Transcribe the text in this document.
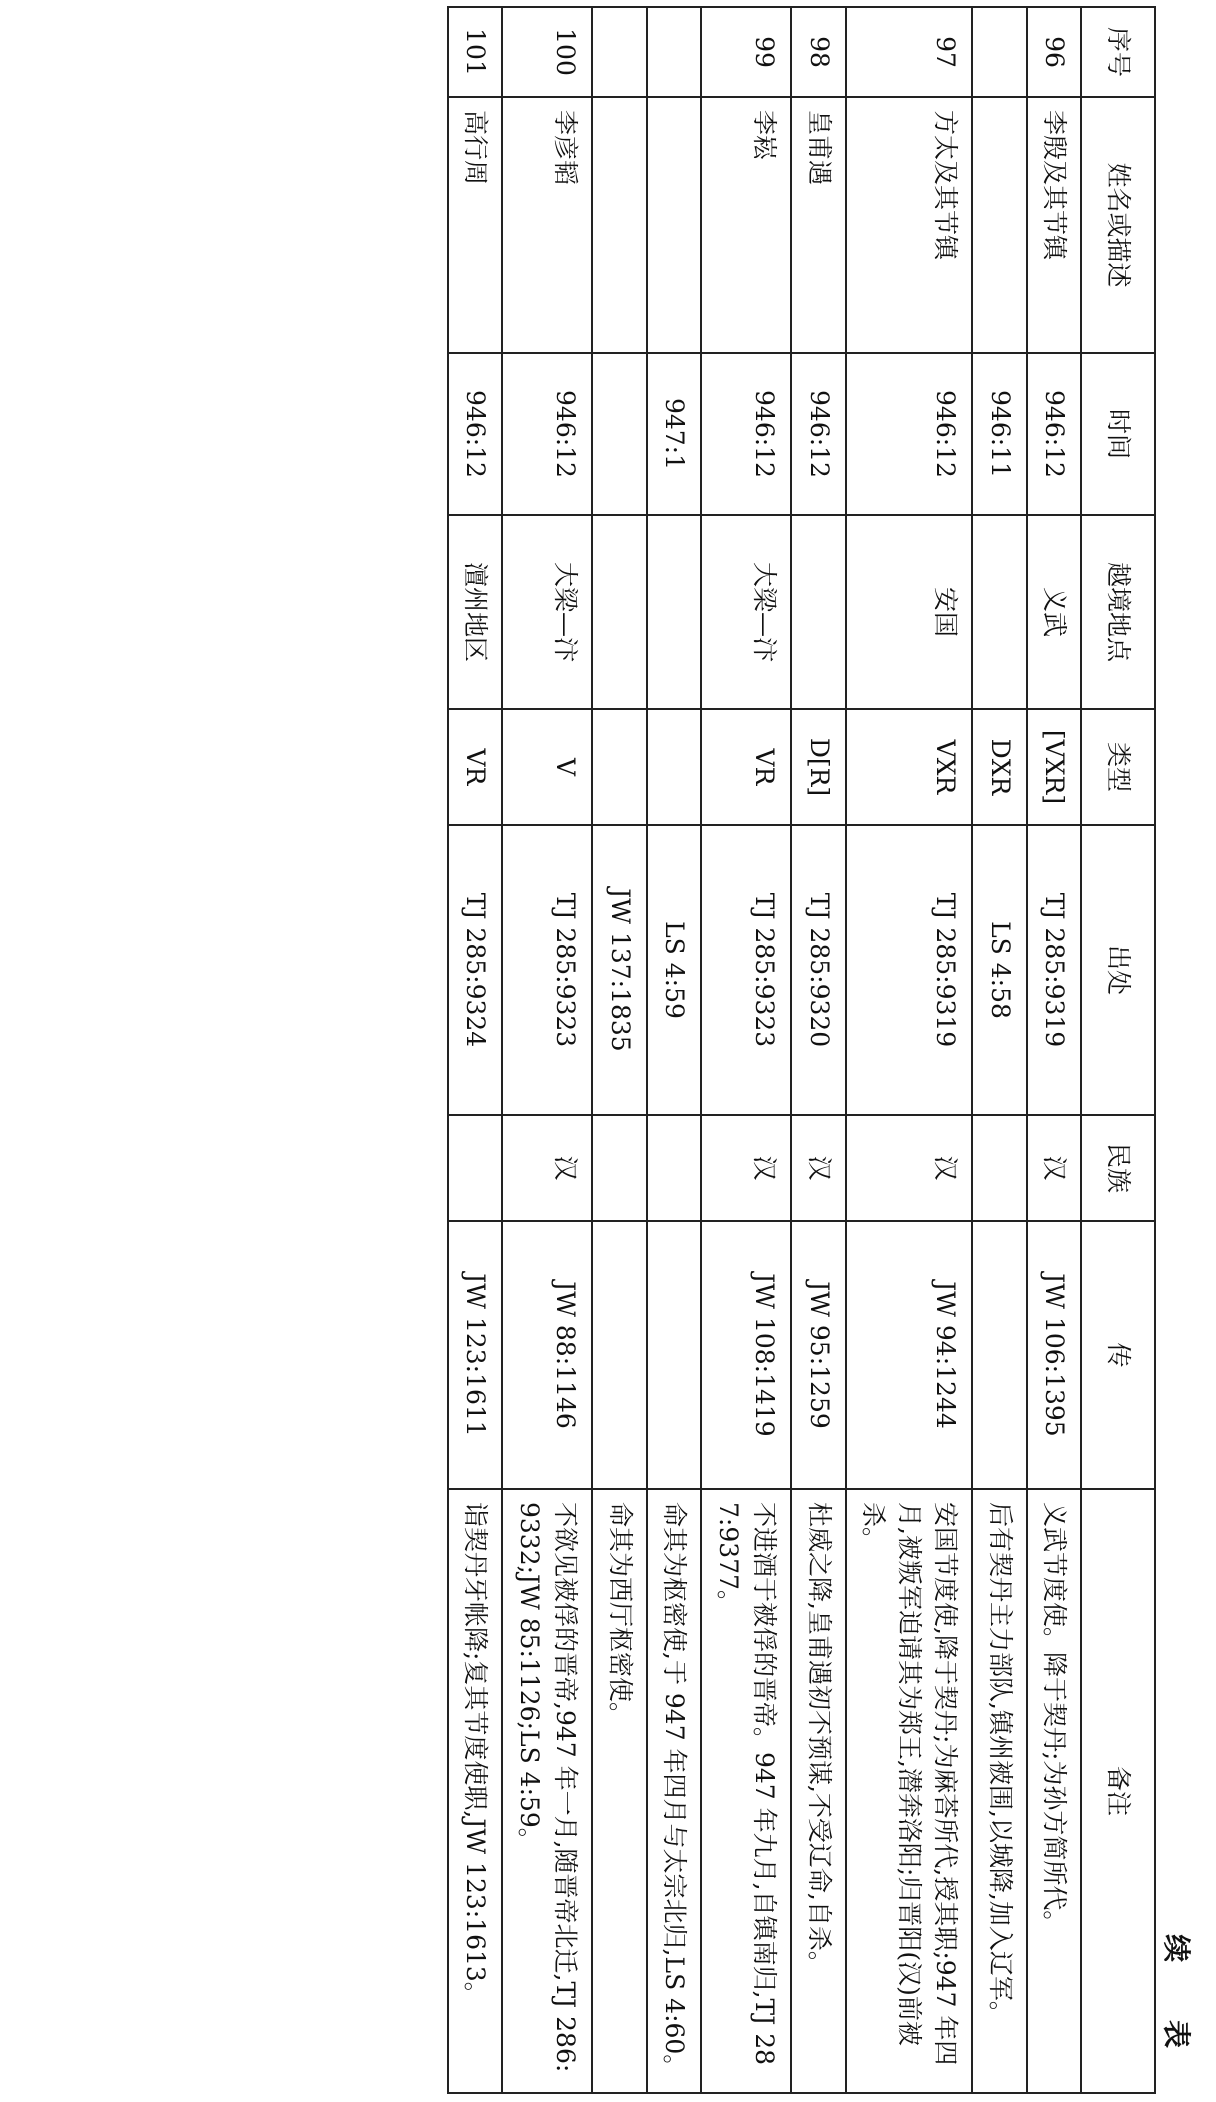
续 表
序号	姓名或描述	时间	越境地点	类型	出处	民族	传	备注
96	李殷及其节镇	946:12	义武	[VXR]	TJ 285:9319	汉	JW 106:1395	义武节度使。降于契丹;为孙方简所代。
		946:11		DXR	LS 4:58			后有契丹主力部队,镇州被围,以城降,加入辽军。
97	方太及其节镇	946:12	安国	VXR	TJ 285:9319	汉	JW 94:1244	安国节度使,降于契丹;为麻荅所代,授其职;947 年四月,被叛军迫请其为郑王,潜奔洛阳;归晋阳(汉)前被杀。
98	皇甫遇	946:12		D[R]	TJ 285:9320	汉	JW 95:1259	杜威之降,皇甫遇初不预谋,不受辽命,自杀。
99	李崧	946:12	大梁—汴	VR	TJ 285:9323	汉	JW 108:1419	不进酒于被俘的晋帝。947 年九月,自镇南归,TJ 287:9377。
		947:1			LS 4:59			命其为枢密使,于 947 年四月与太宗北归,LS 4:60。
					JW 137:1835			命其为西厅枢密使。
100	李彦韬	946:12	大梁—汴	V	TJ 285:9323	汉	JW 88:1146	不欲见被俘的晋帝,947 年一月,随晋帝北迁,TJ 286:9332;JW 85:1126;LS 4:59。
101	高行周	946:12	澶州地区	VR	TJ 285:9324		JW 123:1611	诣契丹牙帐降;复其节度使职,JW 123:1613。
